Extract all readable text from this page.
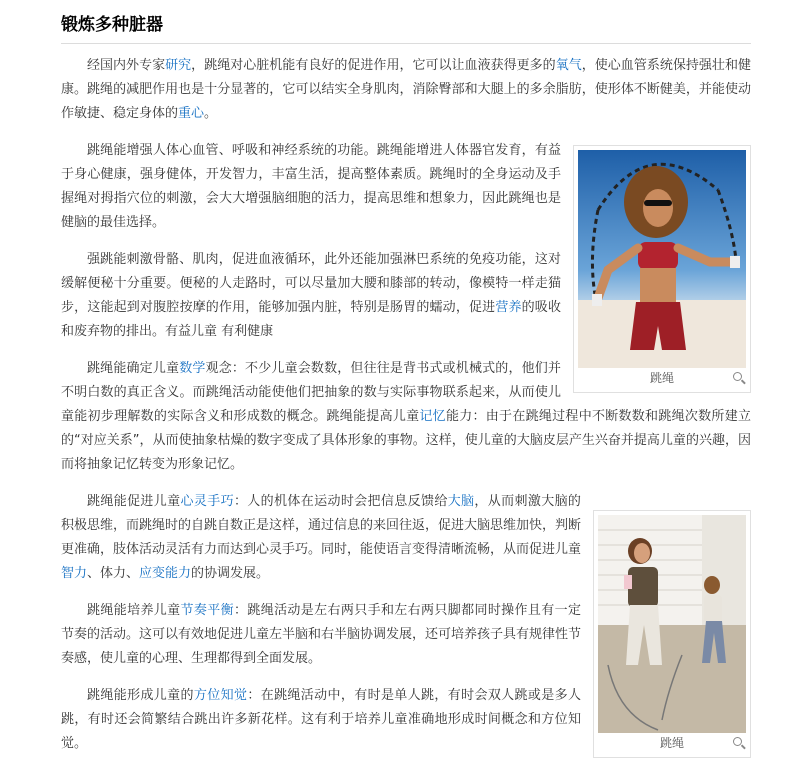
锻炼多种脏器

经国内外专家研究，跳绳对心脏机能有良好的促进作用，它可以让血液获得更多的氧气，使心血管系统保持强壮和健康。跳绳的减肥作用也是十分显著的，它可以结实全身肌肉，消除臀部和大腿上的多余脂肪，使形体不断健美，并能使动作敏捷、稳定身体的重心。

跳绳

跳绳能增强人体心血管、呼吸和神经系统的功能。跳绳能增进人体器官发育，有益于身心健康，强身健体，开发智力，丰富生活，提高整体素质。跳绳时的全身运动及手握绳对拇指穴位的刺激，会大大增强脑细胞的活力，提高思维和想象力，因此跳绳也是健脑的最佳选择。

强跳能刺激骨骼、肌肉，促进血液循环，此外还能加强淋巴系统的免疫功能，这对缓解便秘十分重要。便秘的人走路时，可以尽量加大腰和膝部的转动，像模特一样走猫步，这能起到对腹腔按摩的作用，能够加强内脏，特别是肠胃的蠕动，促进营养的吸收和废弃物的排出。有益儿童 有利健康

跳绳能确定儿童数学观念：不少儿童会数数，但往往是背书式或机械式的，他们并不明白数的真正含义。而跳绳活动能使他们把抽象的数与实际事物联系起来，从而使儿童能初步理解数的实际含义和形成数的概念。跳绳能提高儿童记忆能力：由于在跳绳过程中不断数数和跳绳次数所建立的“对应关系”，从而使抽象枯燥的数字变成了具体形象的事物。这样，使儿童的大脑皮层产生兴奋并提高儿童的兴趣，因而将抽象记忆转变为形象记忆。

跳绳

跳绳能促进儿童心灵手巧：人的机体在运动时会把信息反馈给大脑，从而刺激大脑的积极思维，而跳绳时的自跳自数正是这样，通过信息的来回往返，促进大脑思维加快，判断更准确，肢体活动灵活有力而达到心灵手巧。同时，能使语言变得清晰流畅，从而促进儿童智力、体力、应变能力的协调发展。

跳绳能培养儿童节奏平衡：跳绳活动是左右两只手和左右两只脚都同时操作且有一定节奏的活动。这可以有效地促进儿童左半脑和右半脑协调发展，还可培养孩子具有规律性节奏感，使儿童的心理、生理都得到全面发展。

跳绳能形成儿童的方位知觉：在跳绳活动中，有时是单人跳，有时会双人跳或是多人跳，有时还会简繁结合跳出许多新花样。这有利于培养儿童准确地形成时间概念和方位知觉。
